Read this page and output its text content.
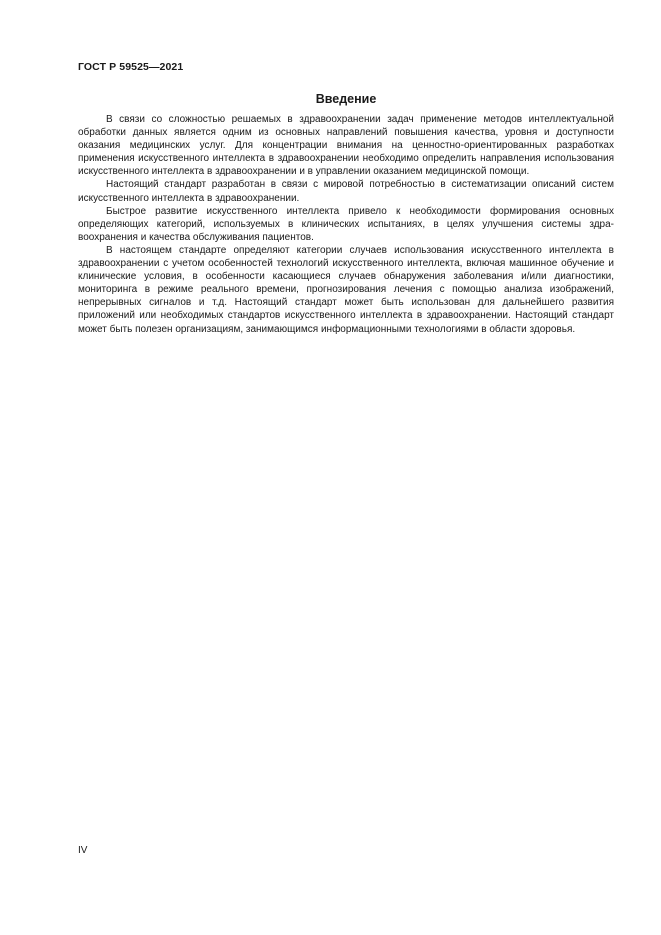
ГОСТ Р 59525—2021
Введение

В связи со сложностью решаемых в здравоохранении задач применение методов интеллектуальной обработки данных является одним из основных направлений повышения качества, уровня и доступности оказания медицинских услуг. Для концентрации внимания на ценностно-ориентированных разработках применения искусственного интеллекта в здравоохранении необходимо определить направления использования искусственного интеллекта в здравоохранении и в управлении оказанием медицинской помощи.

Настоящий стандарт разработан в связи с мировой потребностью в систематизации описаний систем искусственного интеллекта в здравоохранении.

Быстрое развитие искусственного интеллекта привело к необходимости формирования основных определяющих категорий, используемых в клинических испытаниях, в целях улучшения системы здравоохранения и качества обслуживания пациентов.

В настоящем стандарте определяют категории случаев использования искусственного интеллекта в здравоохранении с учетом особенностей технологий искусственного интеллекта, включая машинное обучение и клинические условия, в особенности касающиеся случаев обнаружения заболевания и/или диагностики, мониторинга в режиме реального времени, прогнозирования лечения с помощью анализа изображений, непрерывных сигналов и т.д. Настоящий стандарт может быть использован для дальнейшего развития приложений или необходимых стандартов искусственного интеллекта в здравоохранении. Настоящий стандарт может быть полезен организациям, занимающимся информационными технологиями в области здоровья.

IV
